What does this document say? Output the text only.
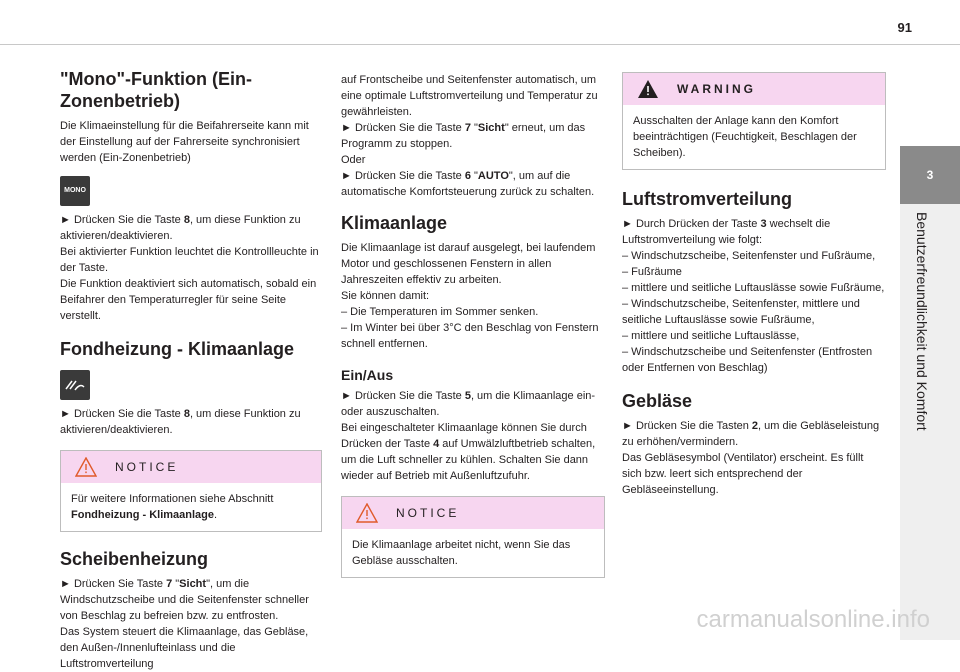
91
3
Benutzerfreundlichkeit und Komfort
"Mono"-Funktion (Ein-Zonenbetrieb)

Die Klimaeinstellung für die Beifahrerseite kann mit der Einstellung auf der Fahrerseite synchronisiert werden (Ein-Zonenbetrieb)

MONO

► Drücken Sie die Taste 8, um diese Funktion zu aktivieren/deaktivieren.

Bei aktivierter Funktion leuchtet die Kontrollleuchte in der Taste.

Die Funktion deaktiviert sich automatisch, sobald ein Beifahrer den Temperaturregler für seine Seite verstellt.

Fondheizung - Klimaanlage

► Drücken Sie die Taste 8, um diese Funktion zu aktivieren/deaktivieren.

NOTICE
Für weitere Informationen siehe Abschnitt Fondheizung - Klimaanlage.
Scheibenheizung

► Drücken Sie Taste 7 "Sicht", um die Windschutzscheibe und die Seitenfenster schneller von Beschlag zu befreien bzw. zu entfrosten.

Das System steuert die Klimaanlage, das Gebläse, den Außen-/Innenlufteinlass und die Luftstromverteilung

auf Frontscheibe und Seitenfenster automatisch, um eine optimale Luftstromverteilung und Temperatur zu gewährleisten.

► Drücken Sie die Taste 7 "Sicht" erneut, um das Programm zu stoppen.

Oder

► Drücken Sie die Taste 6 "AUTO", um auf die automatische Komfortsteuerung zurück zu schalten.

Klimaanlage

Die Klimaanlage ist darauf ausgelegt, bei laufendem Motor und geschlossenen Fenstern in allen Jahreszeiten effektiv zu arbeiten.

Sie können damit:

– Die Temperaturen im Sommer senken.

– Im Winter bei über 3°C den Beschlag von Fenstern schnell entfernen.

Ein/Aus

► Drücken Sie die Taste 5, um die Klimaanlage ein- oder auszuschalten.

Bei eingeschalteter Klimaanlage können Sie durch Drücken der Taste 4 auf Umwälzluftbetrieb schalten, um die Luft schneller zu kühlen. Schalten Sie dann wieder auf Betrieb mit Außenluftzufuhr.

NOTICE
Die Klimaanlage arbeitet nicht, wenn Sie das Gebläse ausschalten.
WARNING
Ausschalten der Anlage kann den Komfort beeinträchtigen (Feuchtigkeit, Beschlagen der Scheiben).
Luftstromverteilung

► Durch Drücken der Taste 3 wechselt die Luftstromverteilung wie folgt:

– Windschutzscheibe, Seitenfenster und Fußräume,

– Fußräume

– mittlere und seitliche Luftauslässe sowie Fußräume,

– Windschutzscheibe, Seitenfenster, mittlere und seitliche Luftauslässe sowie Fußräume,

– mittlere und seitliche Luftauslässe,

– Windschutzscheibe und Seitenfenster (Entfrosten oder Entfernen von Beschlag)

Gebläse

► Drücken Sie die Tasten 2, um die Gebläseleistung zu erhöhen/vermindern.

Das Gebläsesymbol (Ventilator) erscheint. Es füllt sich bzw. leert sich entsprechend der Gebläseeinstellung.

carmanualsonline.info
